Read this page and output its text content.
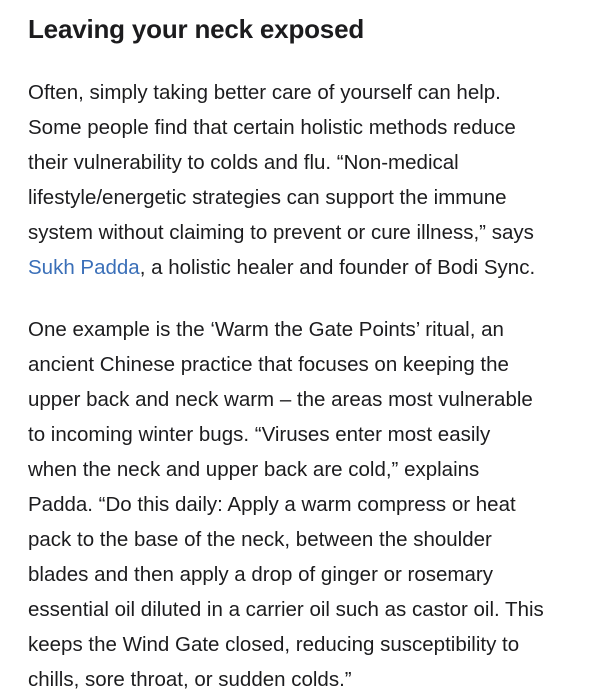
Leaving your neck exposed

Often, simply taking better care of yourself can help.
Some people find that certain holistic methods reduce
their vulnerability to colds and flu. “Non-medical
lifestyle/energetic strategies can support the immune
system without claiming to prevent or cure illness,” says
Sukh Padda, a holistic healer and founder of Bodi Sync.

One example is the ‘Warm the Gate Points’ ritual, an
ancient Chinese practice that focuses on keeping the
upper back and neck warm – the areas most vulnerable
to incoming winter bugs. “Viruses enter most easily
when the neck and upper back are cold,” explains
Padda. “Do this daily: Apply a warm compress or heat
pack to the base of the neck, between the shoulder
blades and then apply a drop of ginger or rosemary
essential oil diluted in a carrier oil such as castor oil. This
keeps the Wind Gate closed, reducing susceptibility to
chills, sore throat, or sudden colds.”
